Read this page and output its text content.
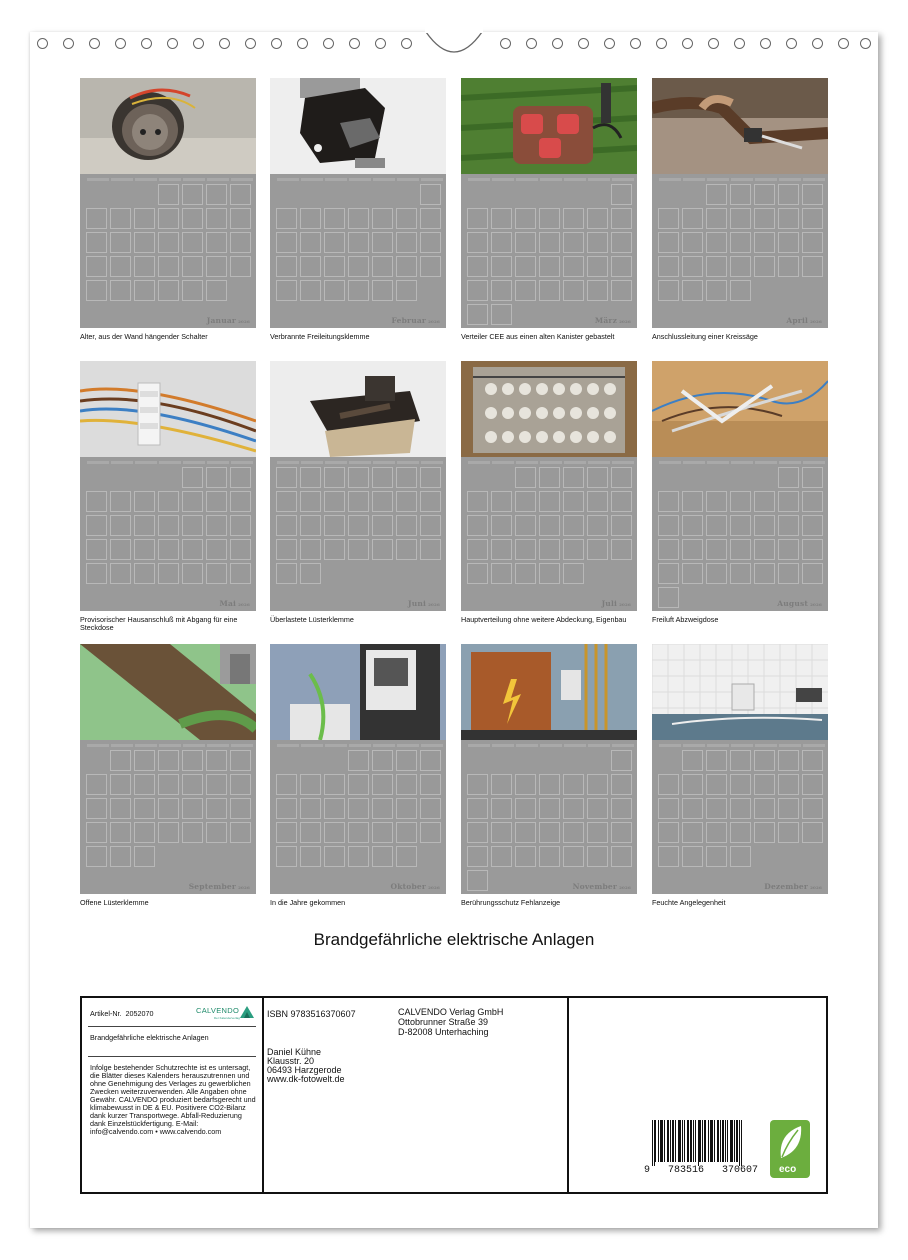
Januar 2026
Alter, aus der Wand hängender Schalter
Februar 2026
Verbrannte Freileitungsklemme
März 2026
Verteiler CEE aus einen alten Kanister gebastelt
April 2026
Anschlussleitung einer Kreissäge
Mai 2026
Provisorischer Hausanschluß mit Abgang für eine Steckdose
Juni 2026
Überlastete Lüsterklemme
Juli 2026
Hauptverteilung ohne weitere Abdeckung, Eigenbau
August 2026
Freiluft Abzweigdose
September 2026
Offene Lüsterklemme
Oktober 2026
In die Jahre gekommen
November 2026
Berührungsschutz Fehlanzeige
Dezember 2026
Feuchte Angelegenheit
Brandgefährliche elektrische Anlagen
Artikel-Nr. 2052070	CALVENDO
Der Kalenderverlag
Brandgefährliche elektrische Anlagen
Infolge bestehender Schutzrechte ist es untersagt, die Blätter dieses Kalenders herauszutrennen und ohne Genehmigung des Verlages zu gewerblichen Zwecken weiterzuverwenden. Alle Angaben ohne Gewähr. CALVENDO produziert bedarfsgerecht und klimabewusst in DE & EU. Positivere CO2-Bilanz dank kurzer Transportwege. Abfall-Reduzierung dank Einzelstückfertigung. E-Mail: info@calvendo.com • www.calvendo.com
ISBN 9783516370607	CALVENDO Verlag GmbH
Ottobrunner Straße 39
D-82008 Unterhaching
Daniel Kühne
Klausstr. 20
06493 Harzgerode
www.dk-fotowelt.de
9   783516   370607 eco
